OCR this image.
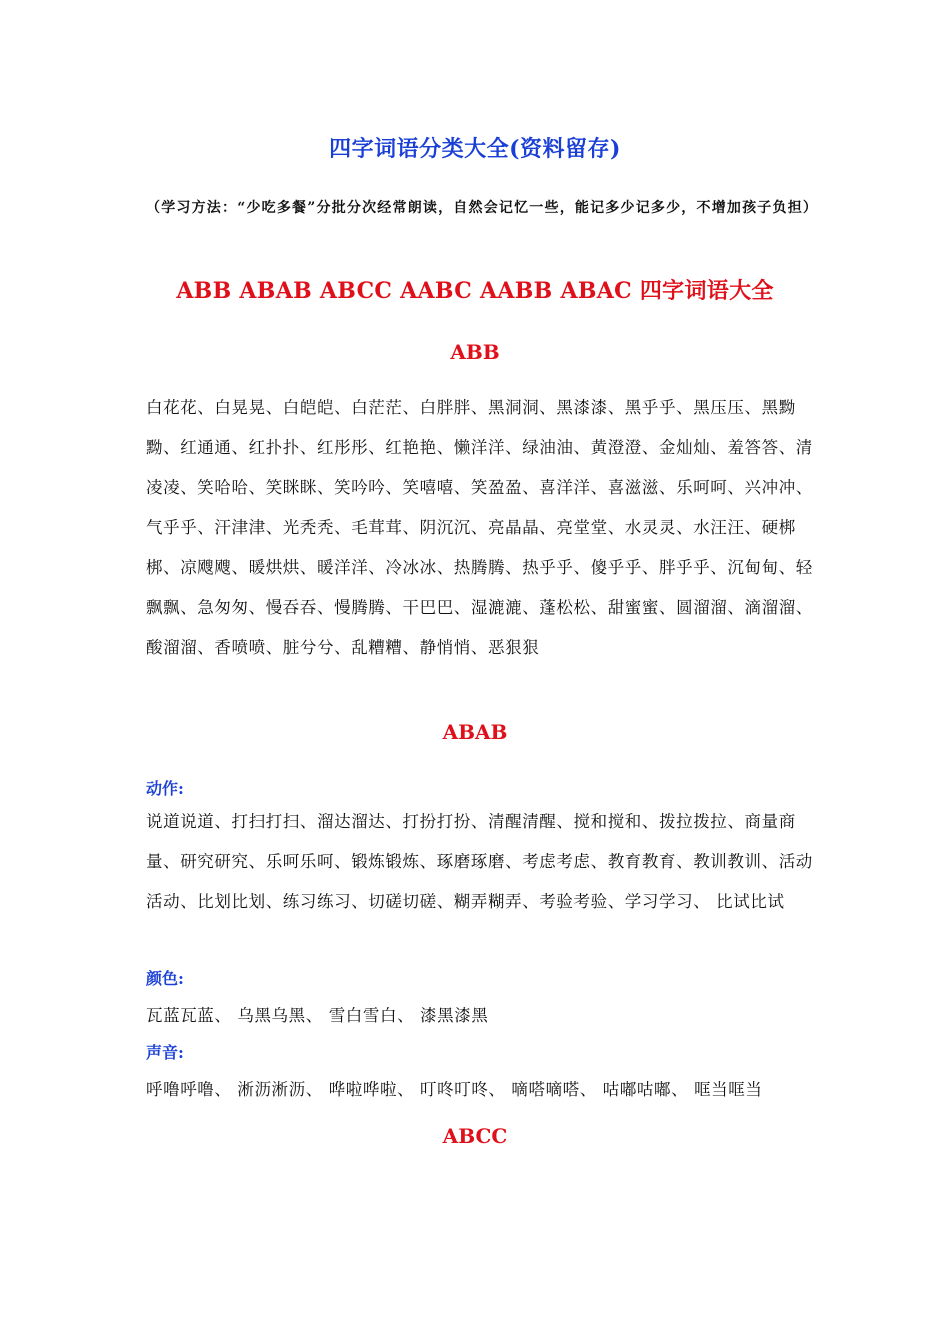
四字词语分类大全(资料留存)
（学习方法：“少吃多餐”分批分次经常朗读，自然会记忆一些，能记多少记多少，不增加孩子负担）
ABB ABAB ABCC AABC AABB ABAC 四字词语大全
ABB
白花花、白晃晃、白皑皑、白茫茫、白胖胖、黑洞洞、黑漆漆、黑乎乎、黑压压、黑黝黝、红通通、红扑扑、红彤彤、红艳艳、懒洋洋、绿油油、黄澄澄、金灿灿、羞答答、清凌凌、笑哈哈、笑眯眯、笑吟吟、笑嘻嘻、笑盈盈、喜洋洋、喜滋滋、乐呵呵、兴冲冲、气乎乎、汗津津、光秃秃、毛茸茸、阴沉沉、亮晶晶、亮堂堂、水灵灵、水汪汪、硬梆梆、凉飕飕、暖烘烘、暖洋洋、冷冰冰、热腾腾、热乎乎、傻乎乎、胖乎乎、沉甸甸、轻飘飘、急匆匆、慢吞吞、慢腾腾、干巴巴、湿漉漉、蓬松松、甜蜜蜜、圆溜溜、滴溜溜、酸溜溜、香喷喷、脏兮兮、乱糟糟、静悄悄、恶狠狠
ABAB
动作:
说道说道、打扫打扫、溜达溜达、打扮打扮、清醒清醒、搅和搅和、拨拉拨拉、商量商量、研究研究、乐呵乐呵、锻炼锻炼、琢磨琢磨、考虑考虑、教育教育、教训教训、活动活动、比划比划、练习练习、切磋切磋、糊弄糊弄、考验考验、学习学习、 比试比试
颜色:
瓦蓝瓦蓝、 乌黑乌黑、 雪白雪白、 漆黑漆黑
声音:
呼噜呼噜、 淅沥淅沥、 哗啦哗啦、 叮咚叮咚、 嘀嗒嘀嗒、 咕嘟咕嘟、 哐当哐当
ABCC
